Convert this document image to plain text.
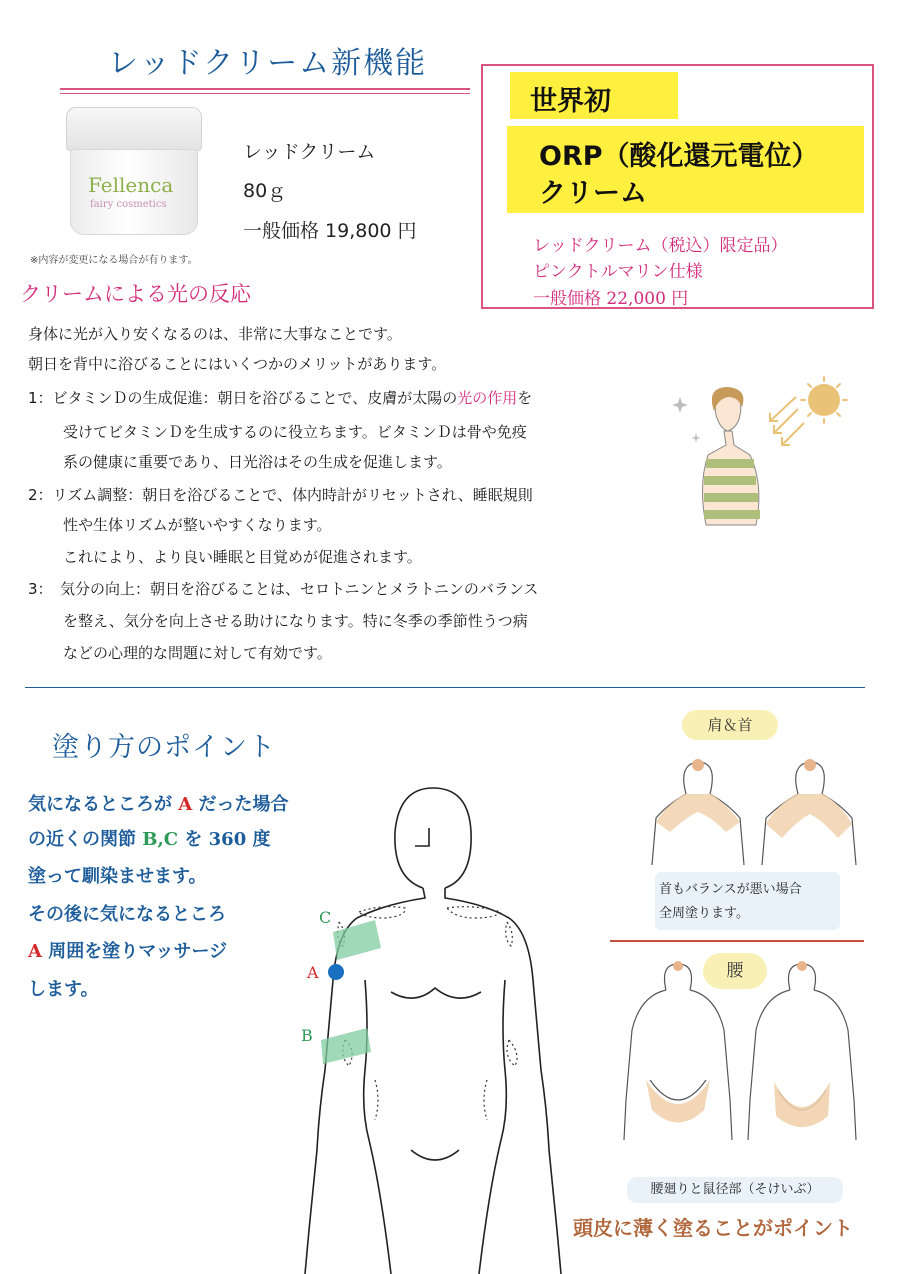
レッドクリーム新機能
Fellenca
fairy cosmetics
レッドクリーム
80ｇ
一般価格 19,800 円
※内容が変更になる場合が有ります。
世界初
ORP（酸化還元電位）
クリーム
レッドクリーム（税込）限定品）
ピンクトルマリン仕様
一般価格 22,000 円
クリームによる光の反応
身体に光が入り安くなるのは、非常に大事なことです。
朝日を背中に浴びることにはいくつかのメリットがあります。
1：ビタミンＤの生成促進：朝日を浴びることで、皮膚が太陽の光の作用を
受けてビタミンＤを生成するのに役立ちます。ビタミンＤは骨や免疫
系の健康に重要であり、日光浴はその生成を促進します。
2：リズム調整：朝日を浴びることで、体内時計がリセットされ、睡眠規則
性や生体リズムが整いやすくなります。
これにより、より良い睡眠と目覚めが促進されます。
3：　気分の向上：朝日を浴びることは、セロトニンとメラトニンのバランス
を整え、気分を向上させる助けになります。特に冬季の季節性うつ病
などの心理的な問題に対して有効です。
塗り方のポイント
気になるところが A だった場合
の近くの関節 B,C を 360 度
塗って馴染ませます。
その後に気になるところ
A 周囲を塗りマッサージ
します。
C
A
B
肩＆首
首もバランスが悪い場合
全周塗ります。
腰
腰廻りと鼠径部（そけいぶ）
頭皮に薄く塗ることがポイント
